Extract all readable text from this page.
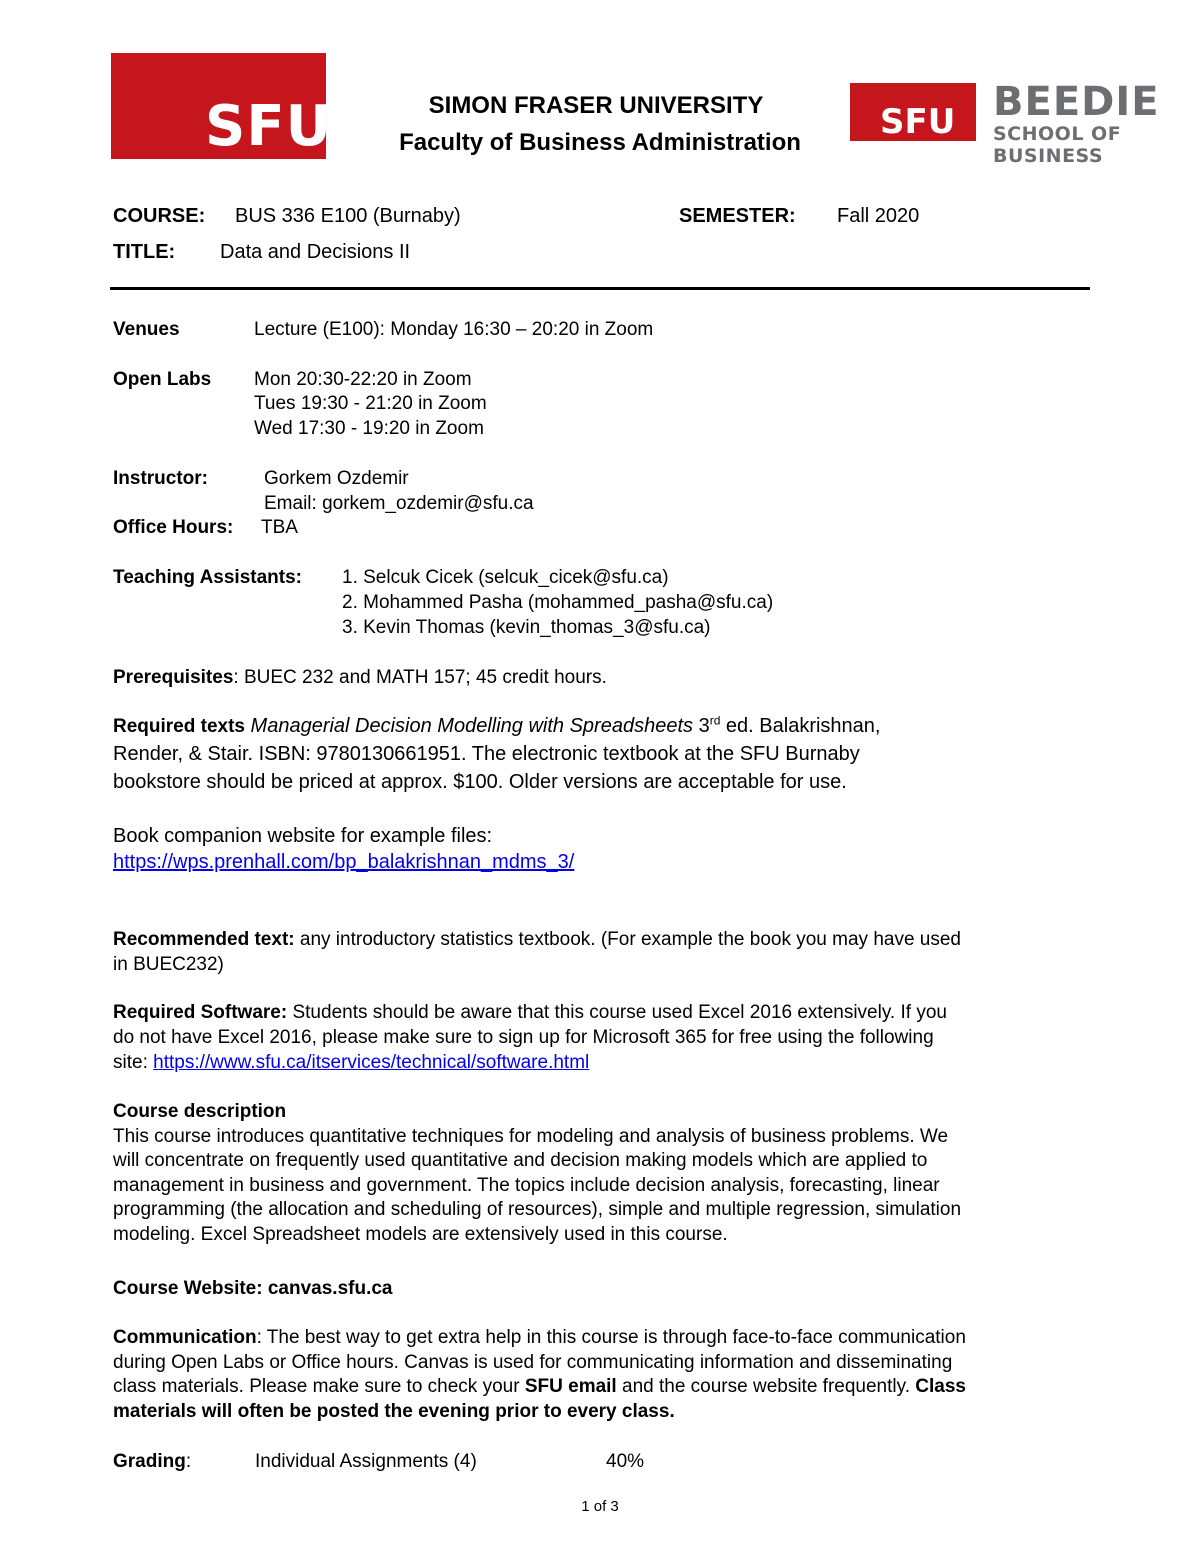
SFU	SFU BEEDIE
SCHOOL OF BUSINESS
SIMON FRASER UNIVERSITY
Faculty of Business Administration
COURSE: BUS 336 E100 (Burnaby)	SEMESTER: Fall 2020
TITLE: Data and Decisions II
Venues	Lecture (E100): Monday 16:30 – 20:20 in Zoom
Open Labs Mon 20:30-22:20 in Zoom
Tues 19:30 - 21:20 in Zoom
Wed 17:30 - 19:20 in Zoom
Instructor:	Gorkem Ozdemir
Email: gorkem_ozdemir@sfu.ca
Office Hours: TBA
Teaching Assistants: 1. Selcuk Cicek (selcuk_cicek@sfu.ca)
2. Mohammed Pasha (mohammed_pasha@sfu.ca)
3. Kevin Thomas (kevin_thomas_3@sfu.ca)
Prerequisites: BUEC 232 and MATH 157; 45 credit hours.
Required texts Managerial Decision Modelling with Spreadsheets 3rd ed. Balakrishnan,
Render, & Stair. ISBN: 9780130661951. The electronic textbook at the SFU Burnaby
bookstore should be priced at approx. $100. Older versions are acceptable for use.
Book companion website for example files:
https://wps.prenhall.com/bp_balakrishnan_mdms_3/
Recommended text: any introductory statistics textbook. (For example the book you may have used
in BUEC232)
Required Software: Students should be aware that this course used Excel 2016 extensively. If you
do not have Excel 2016, please make sure to sign up for Microsoft 365 for free using the following
site: https://www.sfu.ca/itservices/technical/software.html
Course description
This course introduces quantitative techniques for modeling and analysis of business problems. We
will concentrate on frequently used quantitative and decision making models which are applied to
management in business and government. The topics include decision analysis, forecasting, linear
programming (the allocation and scheduling of resources), simple and multiple regression, simulation
modeling. Excel Spreadsheet models are extensively used in this course.
Course Website: canvas.sfu.ca
Communication: The best way to get extra help in this course is through face-to-face communication
during Open Labs or Office hours. Canvas is used for communicating information and disseminating
class materials. Please make sure to check your SFU email and the course website frequently. Class
materials will often be posted the evening prior to every class.
Grading:	Individual Assignments (4)	40%
1 of 3
